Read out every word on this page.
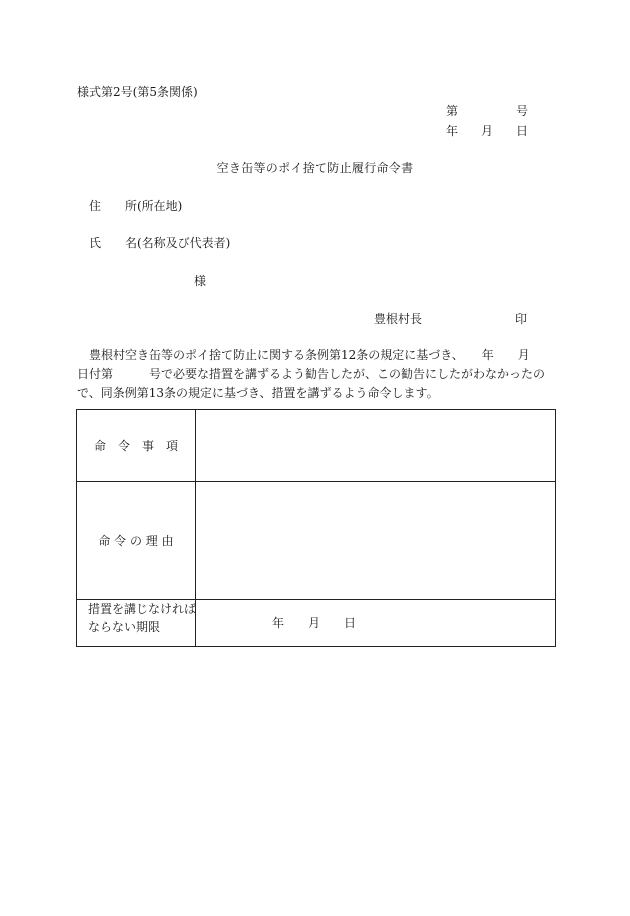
様式第2号(第5条関係)
第	号
年 月 日
空き缶等のポイ捨て防止履行命令書
住　　所(所在地)
氏　　名(名称及び代表者)
様
豊根村長	印
　豊根村空き缶等のポイ捨て防止に関する条例第12条の規定に基づき、　　年　　月
日付第　　　号で必要な措置を講ずるよう勧告したが、この勧告にしたがわなかったの
で、同条例第13条の規定に基づき、措置を講ずるよう命令します。
命　令　事　項
命 令 の 理 由
措置を講じなければならない期限	年 月 日
